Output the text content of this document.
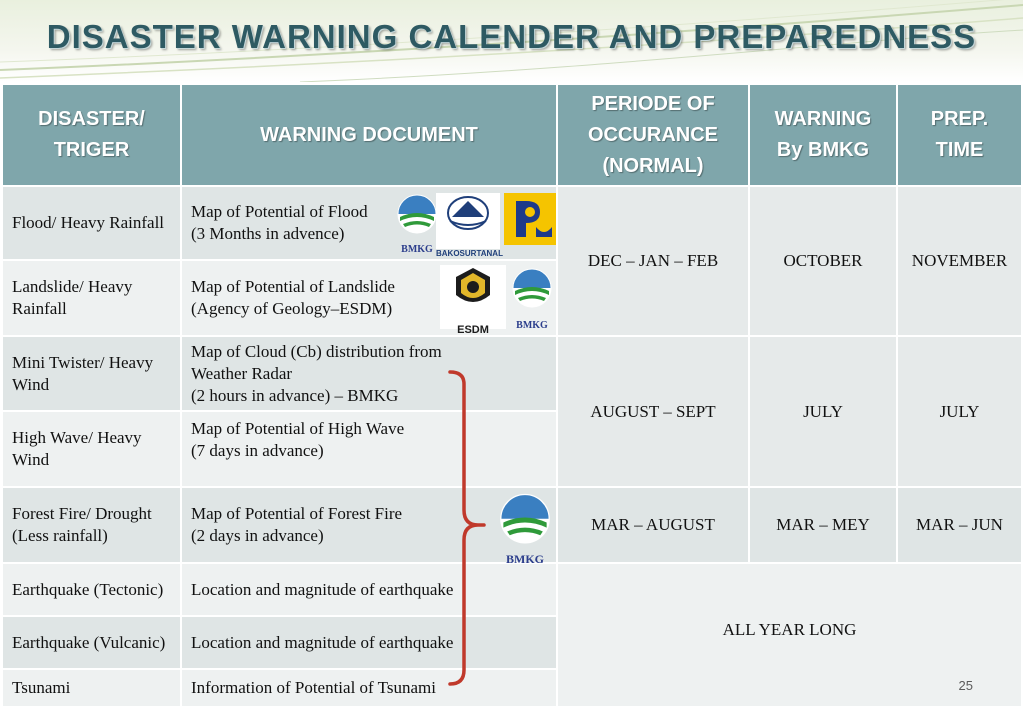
DISASTER WARNING CALENDER AND PREPAREDNESS
DISASTER/ TRIGER	WARNING DOCUMENT	PERIODE OF OCCURANCE (NORMAL)	WARNING By BMKG	PREP. TIME

Flood/ Heavy Rainfall	Map of Potential of Flood
(3 Months in advence)
BMKG BAKOSURTANAL	DEC – JAN – FEB	OCTOBER	NOVEMBER
Landslide/ Heavy Rainfall	Map of Potential of Landslide
(Agency of Geology–ESDM)
ESDM BMKG			

Mini Twister/ Heavy Wind	Map of Cloud (Cb) distribution from
Weather Radar
(2 hours in advance) – BMKG	AUGUST – SEPT	JULY	JULY
High Wave/ Heavy Wind	Map of Potential of High Wave
(7 days in advance)			

Forest Fire/ Drought (Less rainfall)	Map of Potential of Forest Fire
(2 days in advance)
BMKG	MAR – AUGUST	MAR – MEY	MAR – JUN
Earthquake (Tectonic)	Location and magnitude of earthquake	ALL YEAR LONG		

Earthquake (Vulcanic)	Location and magnitude of earthquake			
Tsunami	Information of Potential of Tsunami				25
